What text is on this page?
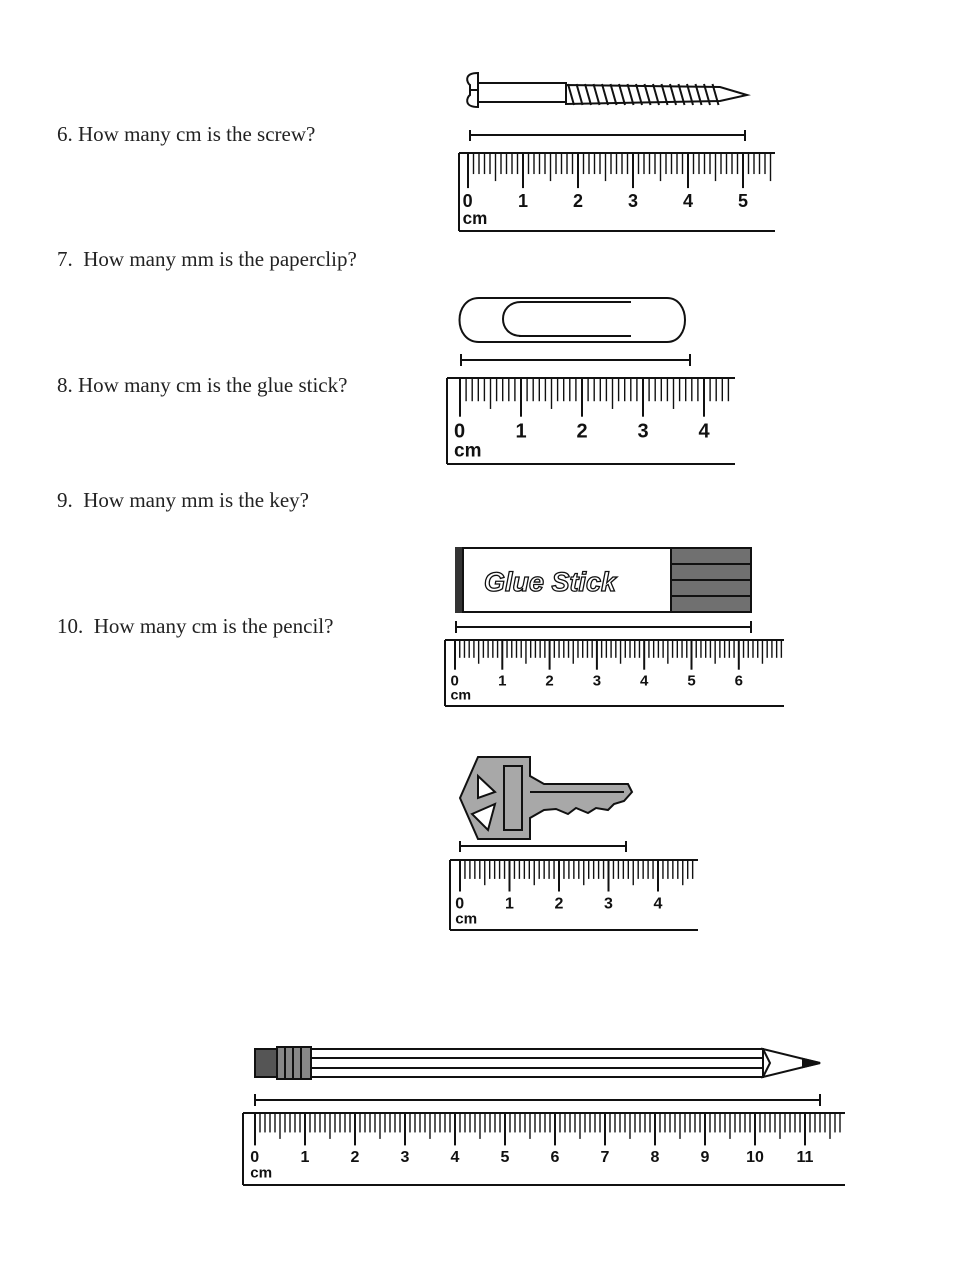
6. How many cm is the screw?

7. How many mm is the paperclip?

8. How many cm is the glue stick?

9. How many mm is the key?

10. How many cm is the pencil?

0	1 2 3 4 5
cm
0	1 2 3 4
cm
Glue Stick
0	1	2	3	4	5	6
cm
0	1	2	3	4
cm
0	1	2	3	4	5	6	7	8	9 10 11
cm
